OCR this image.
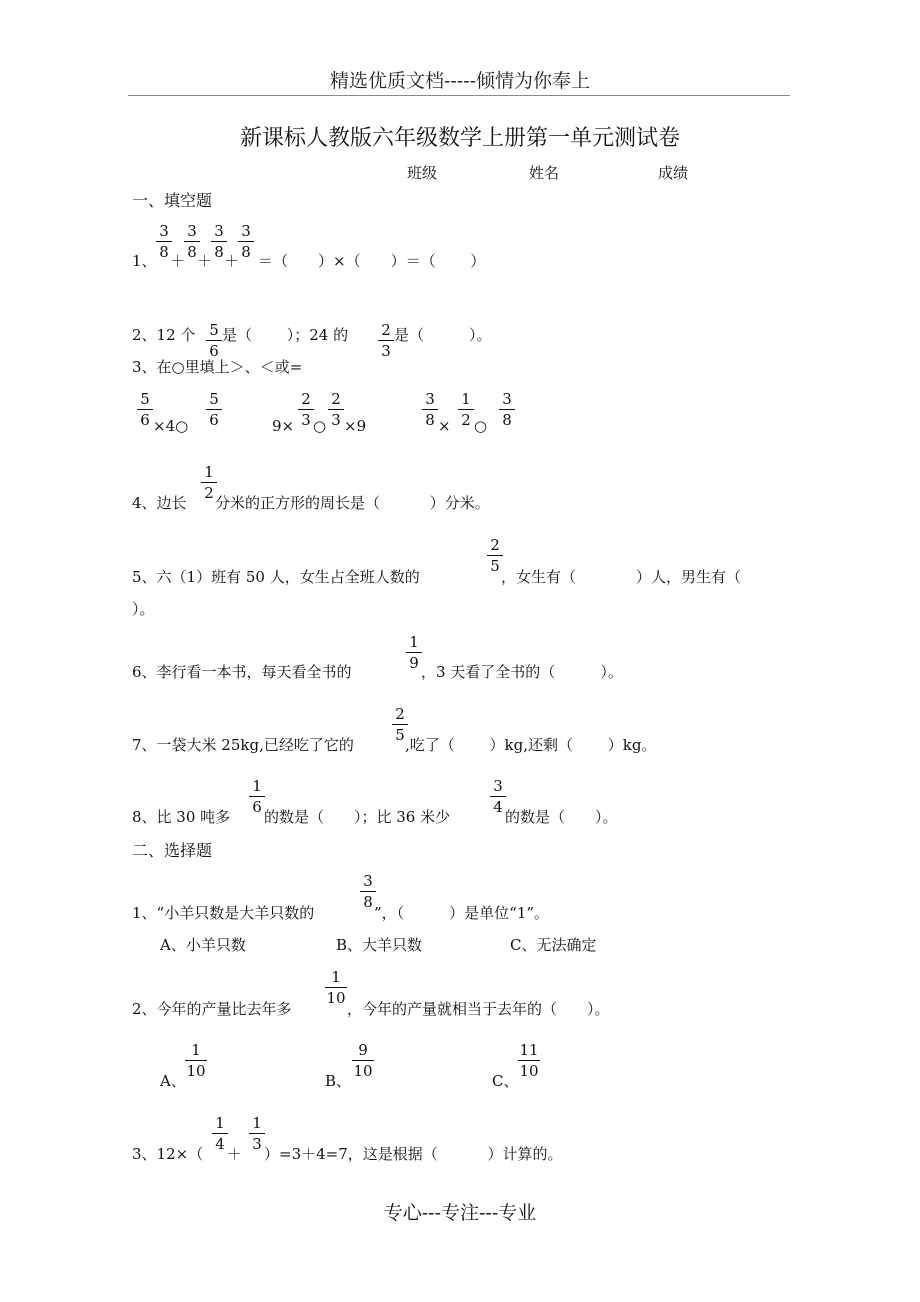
精选优质文档-----倾情为你奉上
新课标人教版六年级数学上册第一单元测试卷
班级	姓名	成绩
一、填空题
1、
3
8 ＋
3
8 ＋
3
8 ＋
3
8 ＝（　　）×（　　）＝（　　 ）
2、12 个 5
6
是（　　 ）；24 的 2
3
是（　　　）。
3、在○里填上＞、＜或=
5
6 ×4○
5
6	9×
2
3 ○
2
3 ×9
3
8 ×
1
2 ○
3
8
4、边长
1
2
分米的正方形的周长是（　　　 ）分米。
5、六（1）班有 50 人，女生占全班人数的
2
5
，女生有（　　　　）人，男生有（
）。
6、李行看一本书，每天看全书的
1
9 ，3 天看了全书的（　　　）。
7、一袋大米 25kg,已经吃了它的
2
5
,吃了（　　 ）kg,还剩（　　 ）kg。
8、比 30 吨多
1
6
的数是（　　）；比 36 米少
3
4
的数是（　　）。
二、选择题
1、“小羊只数是大羊只数的
3
8
”，（　　　）是单位“1”。
A、小羊只数	B、大羊只数	C、无法确定
2、今年的产量比去年多
1
10
，今年的产量就相当于去年的（　　）。
A、
1
10
B、
9
10
C、
11
10
3、12×（
1
4
＋
1
3
）=3＋4=7，这是根据（　　　 ）计算的。
专心---专注---专业
